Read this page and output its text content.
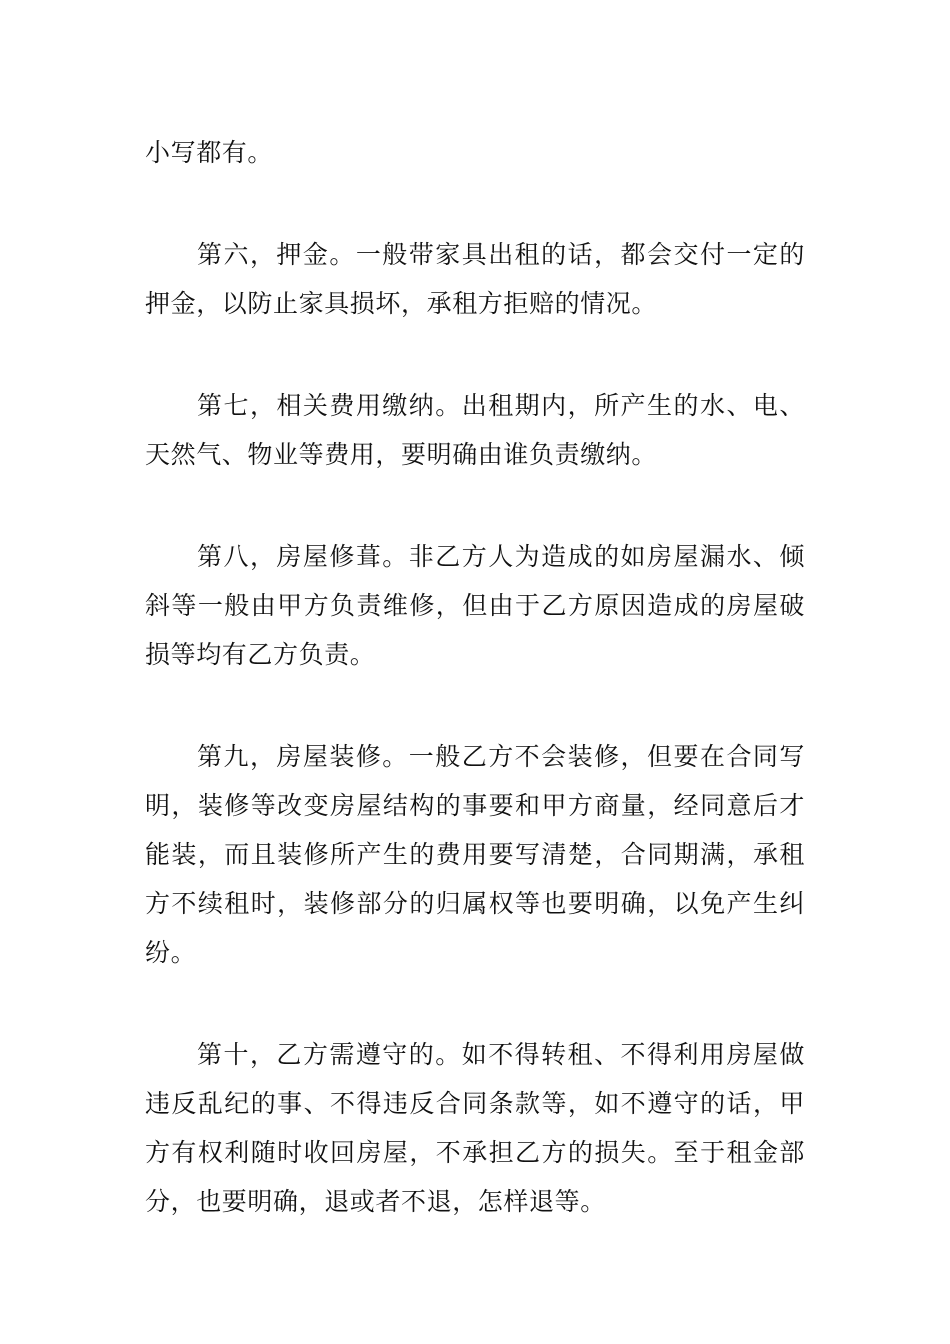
小写都有。

第六，押金。一般带家具出租的话，都会交付一定的押金，以防止家具损坏，承租方拒赔的情况。

第七，相关费用缴纳。出租期内，所产生的水、电、天然气、物业等费用，要明确由谁负责缴纳。

第八，房屋修葺。非乙方人为造成的如房屋漏水、倾斜等一般由甲方负责维修，但由于乙方原因造成的房屋破损等均有乙方负责。

第九，房屋装修。一般乙方不会装修，但要在合同写明，装修等改变房屋结构的事要和甲方商量，经同意后才能装，而且装修所产生的费用要写清楚，合同期满，承租方不续租时，装修部分的归属权等也要明确，以免产生纠纷。

第十，乙方需遵守的。如不得转租、不得利用房屋做违反乱纪的事、不得违反合同条款等，如不遵守的话，甲方有权利随时收回房屋，不承担乙方的损失。至于租金部分，也要明确，退或者不退，怎样退等。
